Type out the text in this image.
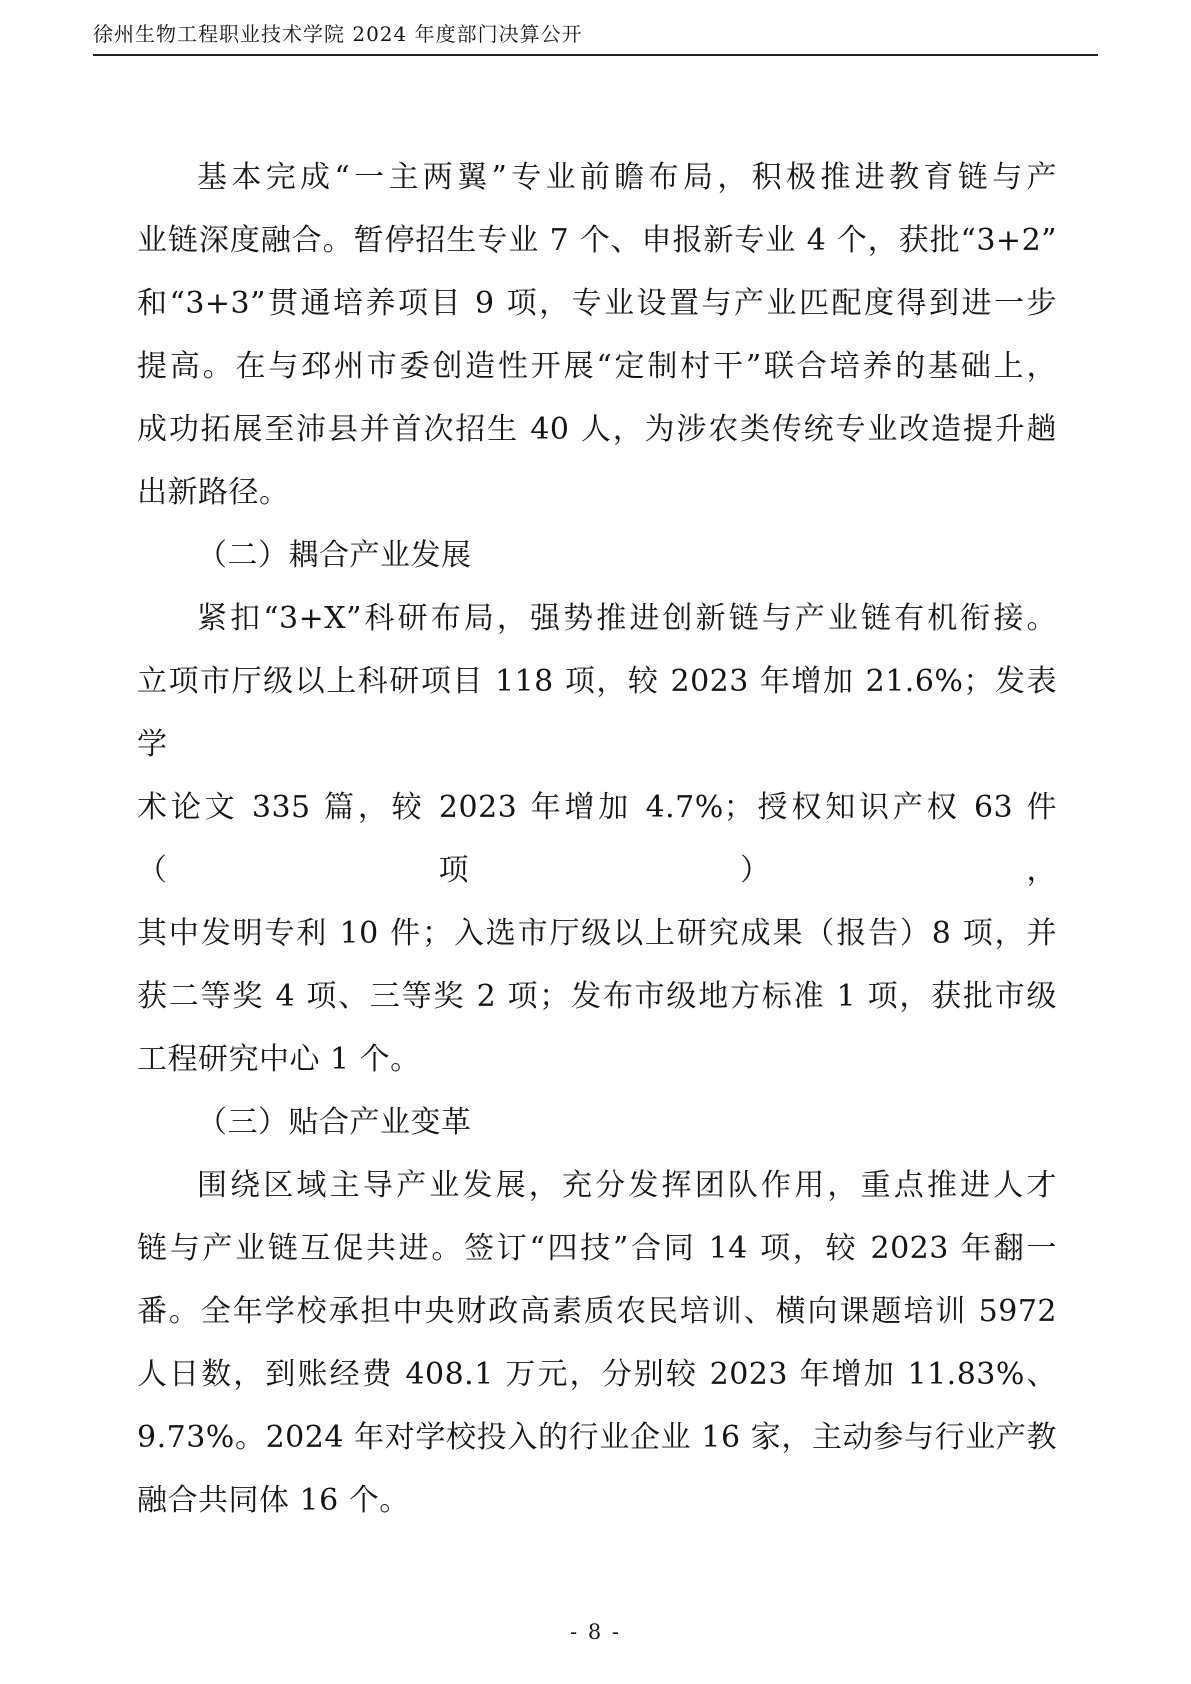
徐州生物工程职业技术学院 2024 年度部门决算公开
基本完成“一主两翼”专业前瞻布局，积极推进教育链与产
业链深度融合。暂停招生专业 7 个、申报新专业 4 个，获批“3+2”
和“3+3”贯通培养项目 9 项，专业设置与产业匹配度得到进一步
提高。在与邳州市委创造性开展“定制村干”联合培养的基础上，
成功拓展至沛县并首次招生 40 人，为涉农类传统专业改造提升趟
出新路径。
（二）耦合产业发展
紧扣“3+X”科研布局，强势推进创新链与产业链有机衔接。
立项市厅级以上科研项目 118 项，较 2023 年增加 21.6%；发表学
术论文 335 篇，较 2023 年增加 4.7%；授权知识产权 63 件（项），
其中发明专利 10 件；入选市厅级以上研究成果（报告）8 项，并
获二等奖 4 项、三等奖 2 项；发布市级地方标准 1 项，获批市级
工程研究中心 1 个。
（三）贴合产业变革
围绕区域主导产业发展，充分发挥团队作用，重点推进人才
链与产业链互促共进。签订“四技”合同 14 项，较 2023 年翻一
番。全年学校承担中央财政高素质农民培训、横向课题培训 5972
人日数，到账经费 408.1 万元，分别较 2023 年增加 11.83%、
9.73%。2024 年对学校投入的行业企业 16 家，主动参与行业产教
融合共同体 16 个。
- 8 -
